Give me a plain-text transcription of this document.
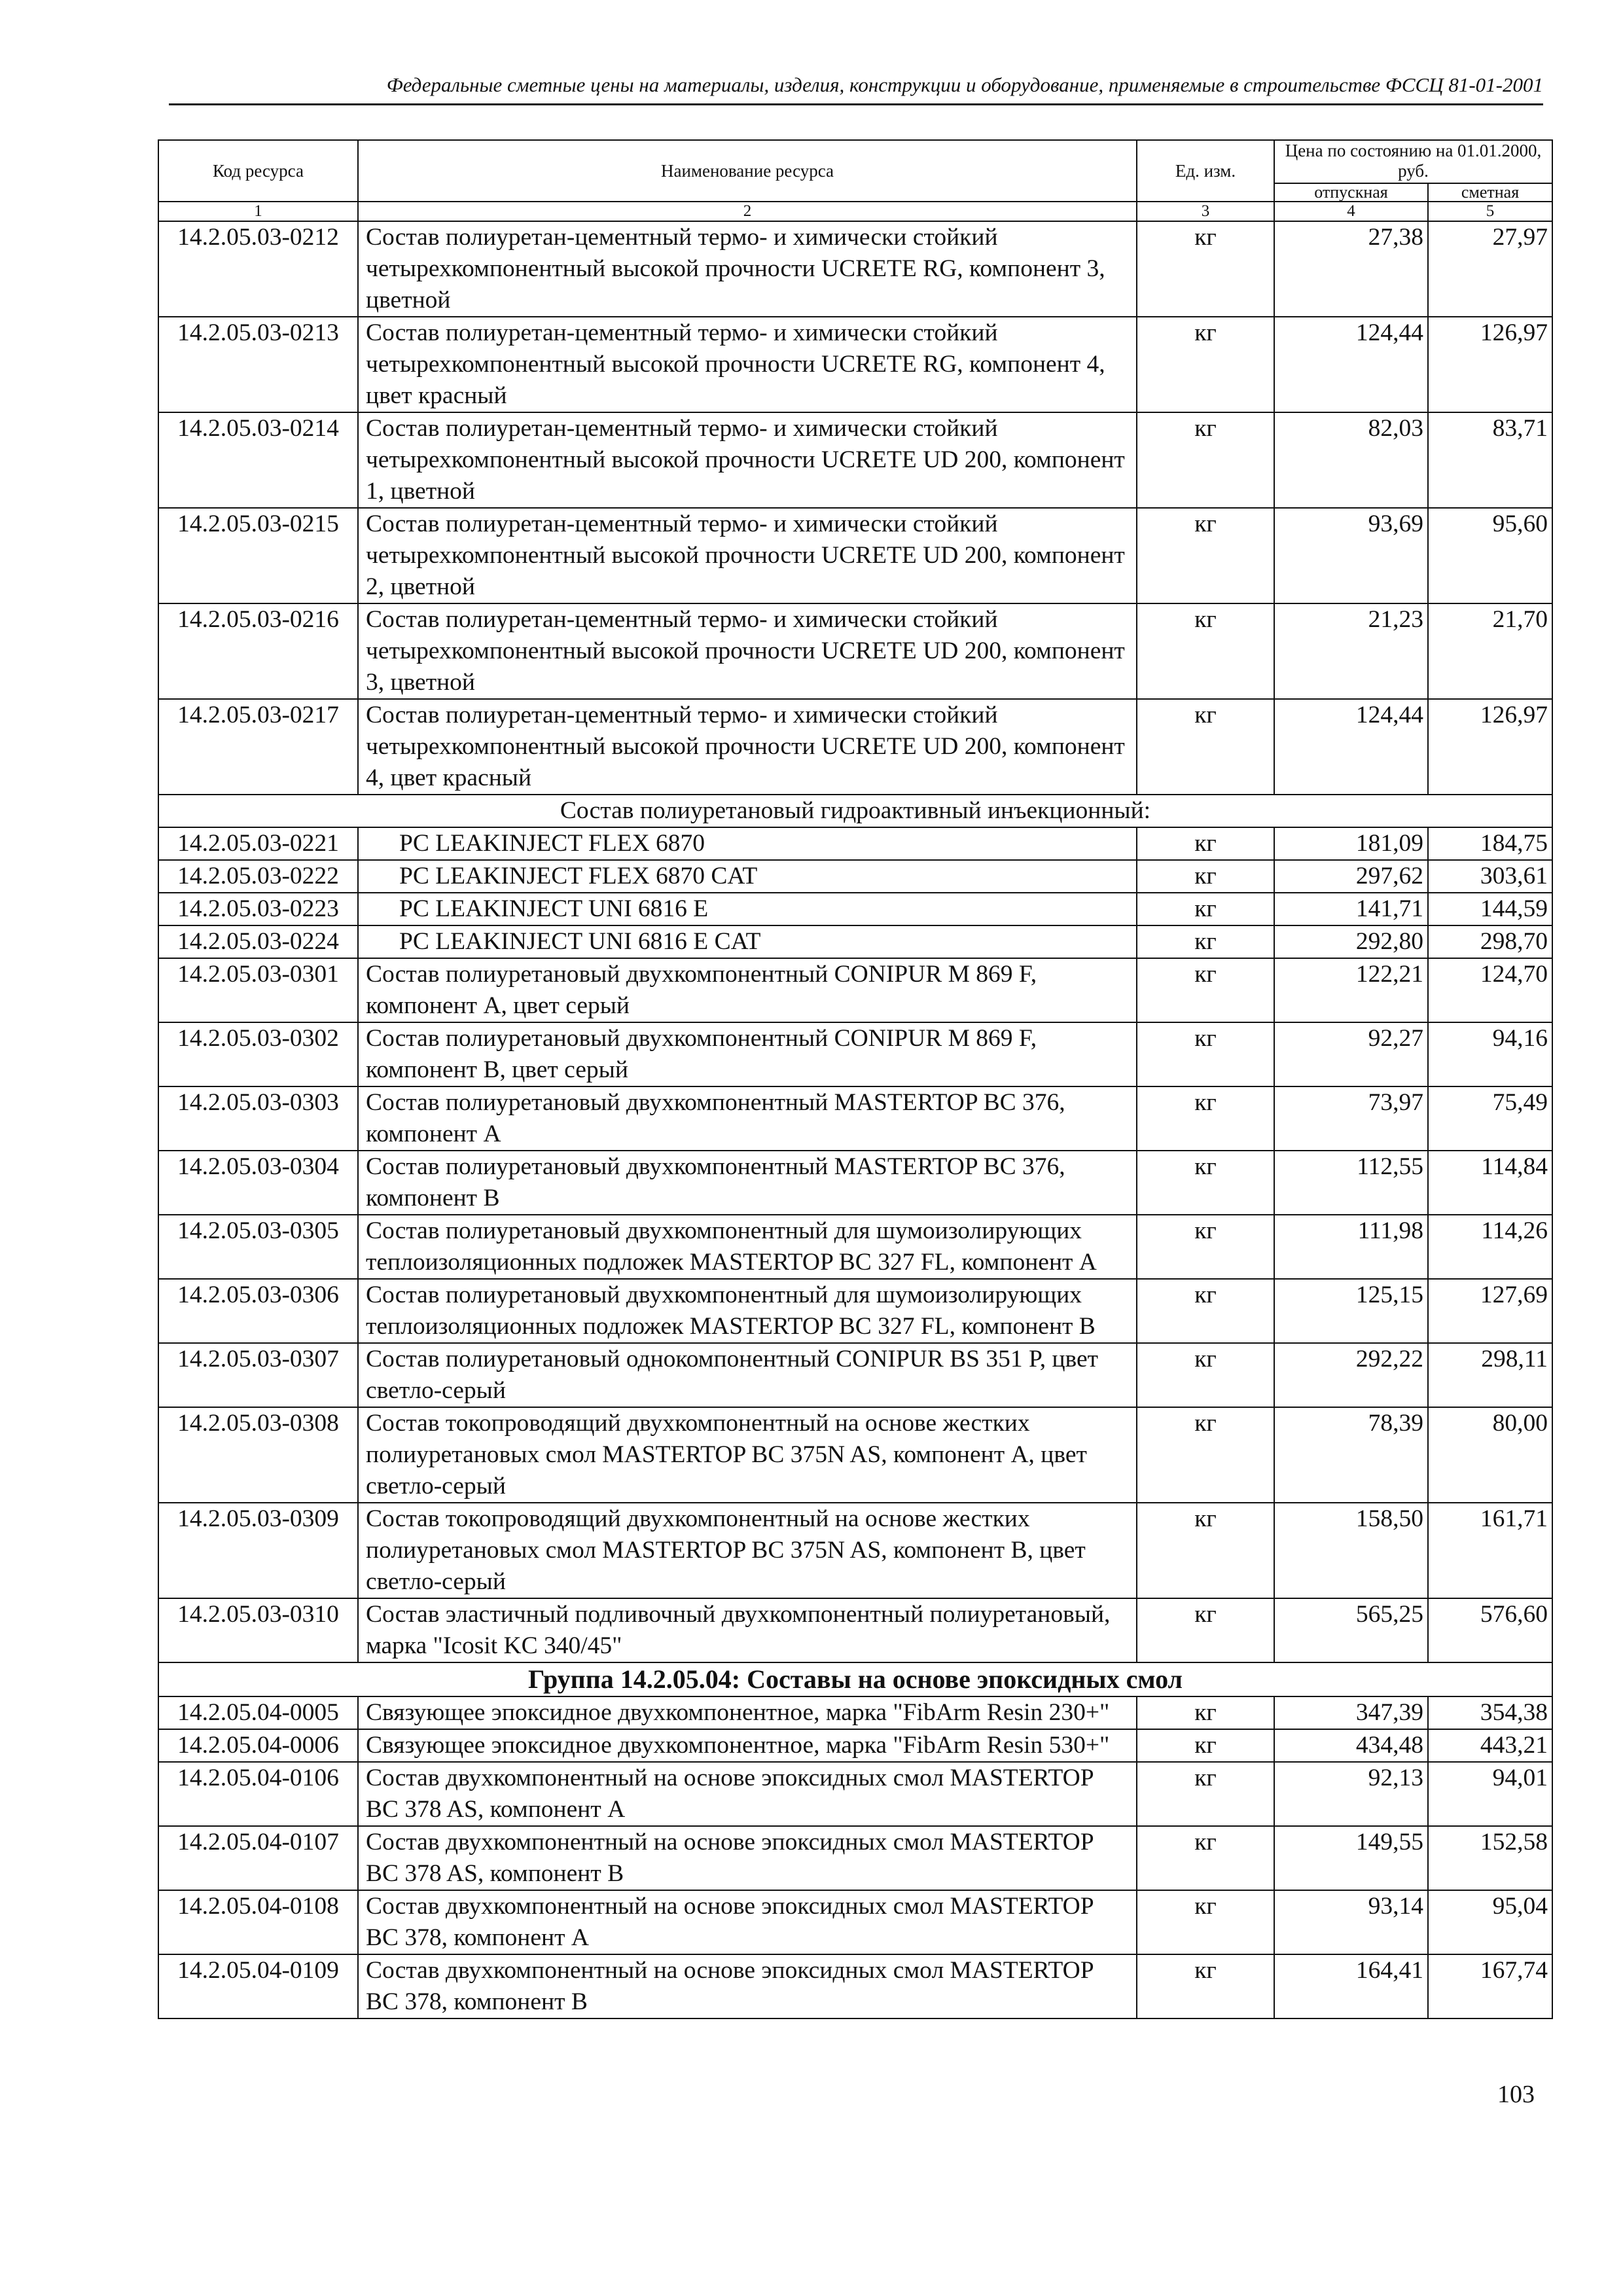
Федеральные сметные цены на материалы, изделия, конструкции и оборудование, применяемые в строительстве ФССЦ 81-01-2001
Код ресурса	Наименование ресурса	Ед. изм.	Цена по состоянию на 01.01.2000, руб.	
			отпускная	сметная
1	2	3	4	5
14.2.05.03-0212	Состав полиуретан-цементный термо- и химически стойкий четырехкомпонентный высокой прочности UCRETE RG, компонент 3, цветной	кг	27,38	27,97
14.2.05.03-0213	Состав полиуретан-цементный термо- и химически стойкий четырехкомпонентный высокой прочности UCRETE RG, компонент 4, цвет красный	кг	124,44	126,97
14.2.05.03-0214	Состав полиуретан-цементный термо- и химически стойкий четырехкомпонентный высокой прочности UCRETE UD 200, компонент 1, цветной	кг	82,03	83,71
14.2.05.03-0215	Состав полиуретан-цементный термо- и химически стойкий четырехкомпонентный высокой прочности UCRETE UD 200, компонент 2, цветной	кг	93,69	95,60
14.2.05.03-0216	Состав полиуретан-цементный термо- и химически стойкий четырехкомпонентный высокой прочности UCRETE UD 200, компонент 3, цветной	кг	21,23	21,70
14.2.05.03-0217	Состав полиуретан-цементный термо- и химически стойкий четырехкомпонентный высокой прочности UCRETE UD 200, компонент 4, цвет красный	кг	124,44	126,97
Состав полиуретановый гидроактивный инъекционный:				
14.2.05.03-0221	PC LEAKINJECT FLEX 6870	кг	181,09	184,75
14.2.05.03-0222	PC LEAKINJECT FLEX 6870 CAT	кг	297,62	303,61
14.2.05.03-0223	PC LEAKINJECT UNI 6816 E	кг	141,71	144,59
14.2.05.03-0224	PC LEAKINJECT UNI 6816 E CAT	кг	292,80	298,70
14.2.05.03-0301	Состав полиуретановый двухкомпонентный CONIPUR M 869 F, компонент А, цвет серый	кг	122,21	124,70
14.2.05.03-0302	Состав полиуретановый двухкомпонентный CONIPUR M 869 F, компонент В, цвет серый	кг	92,27	94,16
14.2.05.03-0303	Состав полиуретановый двухкомпонентный MASTERTOP BC 376, компонент А	кг	73,97	75,49
14.2.05.03-0304	Состав полиуретановый двухкомпонентный MASTERTOP BC 376, компонент В	кг	112,55	114,84
14.2.05.03-0305	Состав полиуретановый двухкомпонентный для шумоизолирующих теплоизоляционных подложек MASTERTOP BC 327 FL, компонент А	кг	111,98	114,26
14.2.05.03-0306	Состав полиуретановый двухкомпонентный для шумоизолирующих теплоизоляционных подложек MASTERTOP BC 327 FL, компонент В	кг	125,15	127,69
14.2.05.03-0307	Состав полиуретановый однокомпонентный CONIPUR BS 351 P, цвет светло-серый	кг	292,22	298,11
14.2.05.03-0308	Состав токопроводящий двухкомпонентный на основе жестких полиуретановых смол MASTERTOP BC 375N AS, компонент А, цвет светло-серый	кг	78,39	80,00
14.2.05.03-0309	Состав токопроводящий двухкомпонентный на основе жестких полиуретановых смол MASTERTOP BC 375N AS, компонент В, цвет светло-серый	кг	158,50	161,71
14.2.05.03-0310	Состав эластичный подливочный двухкомпонентный полиуретановый, марка "Icosit KC 340/45"	кг	565,25	576,60
Группа 14.2.05.04: Составы на основе эпоксидных смол				
14.2.05.04-0005	Связующее эпоксидное двухкомпонентное, марка "FibArm Resin 230+"	кг	347,39	354,38
14.2.05.04-0006	Связующее эпоксидное двухкомпонентное, марка "FibArm Resin 530+"	кг	434,48	443,21
14.2.05.04-0106	Состав двухкомпонентный на основе эпоксидных смол MASTERTOP BC 378 AS, компонент А	кг	92,13	94,01
14.2.05.04-0107	Состав двухкомпонентный на основе эпоксидных смол MASTERTOP BC 378 AS, компонент В	кг	149,55	152,58
14.2.05.04-0108	Состав двухкомпонентный на основе эпоксидных смол MASTERTOP BC 378, компонент А	кг	93,14	95,04
14.2.05.04-0109	Состав двухкомпонентный на основе эпоксидных смол MASTERTOP BC 378, компонент В	кг	164,41	167,74
103
